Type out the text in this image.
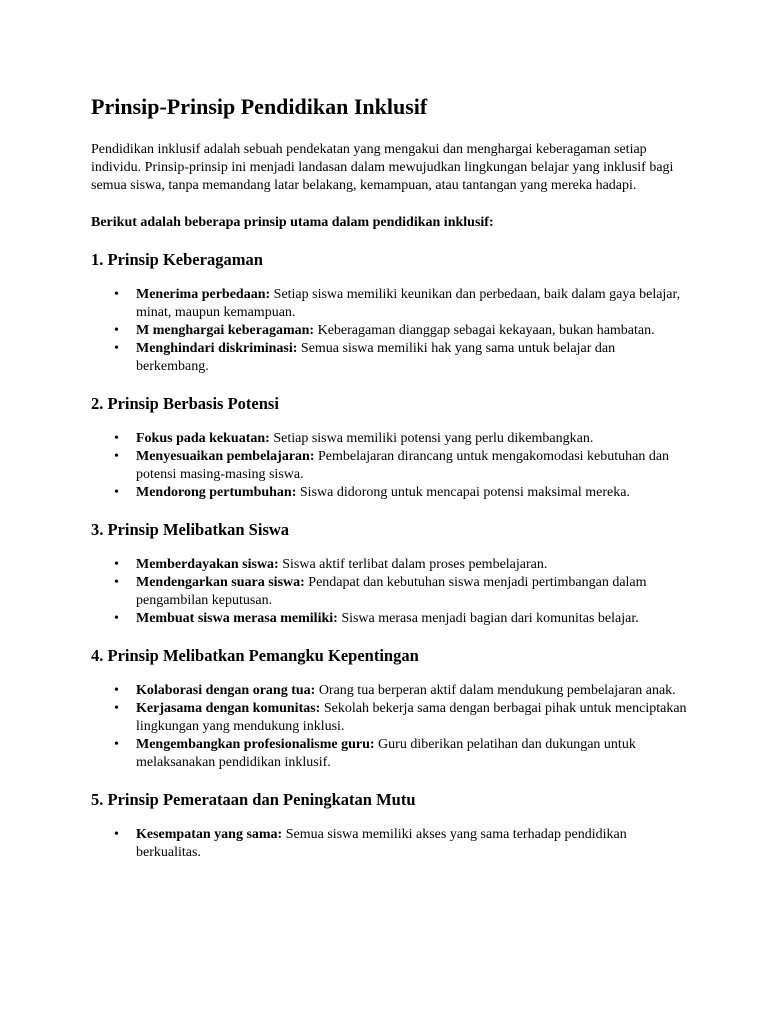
Prinsip-Prinsip Pendidikan Inklusif

Pendidikan inklusif adalah sebuah pendekatan yang mengakui dan menghargai keberagaman setiap individu. Prinsip-prinsip ini menjadi landasan dalam mewujudkan lingkungan belajar yang inklusif bagi semua siswa, tanpa memandang latar belakang, kemampuan, atau tantangan yang mereka hadapi.

Berikut adalah beberapa prinsip utama dalam pendidikan inklusif:

1. Prinsip Keberagaman
• Menerima perbedaan: Setiap siswa memiliki keunikan dan perbedaan, baik dalam gaya belajar, minat, maupun kemampuan.
• M menghargai keberagaman: Keberagaman dianggap sebagai kekayaan, bukan hambatan.
• Menghindari diskriminasi: Semua siswa memiliki hak yang sama untuk belajar dan berkembang.
2. Prinsip Berbasis Potensi
• Fokus pada kekuatan: Setiap siswa memiliki potensi yang perlu dikembangkan.
• Menyesuaikan pembelajaran: Pembelajaran dirancang untuk mengakomodasi kebutuhan dan potensi masing-masing siswa.
• Mendorong pertumbuhan: Siswa didorong untuk mencapai potensi maksimal mereka.
3. Prinsip Melibatkan Siswa
• Memberdayakan siswa: Siswa aktif terlibat dalam proses pembelajaran.
• Mendengarkan suara siswa: Pendapat dan kebutuhan siswa menjadi pertimbangan dalam pengambilan keputusan.
• Membuat siswa merasa memiliki: Siswa merasa menjadi bagian dari komunitas belajar.
4. Prinsip Melibatkan Pemangku Kepentingan
• Kolaborasi dengan orang tua: Orang tua berperan aktif dalam mendukung pembelajaran anak.
• Kerjasama dengan komunitas: Sekolah bekerja sama dengan berbagai pihak untuk menciptakan lingkungan yang mendukung inklusi.
• Mengembangkan profesionalisme guru: Guru diberikan pelatihan dan dukungan untuk melaksanakan pendidikan inklusif.
5. Prinsip Pemerataan dan Peningkatan Mutu
• Kesempatan yang sama: Semua siswa memiliki akses yang sama terhadap pendidikan berkualitas.
